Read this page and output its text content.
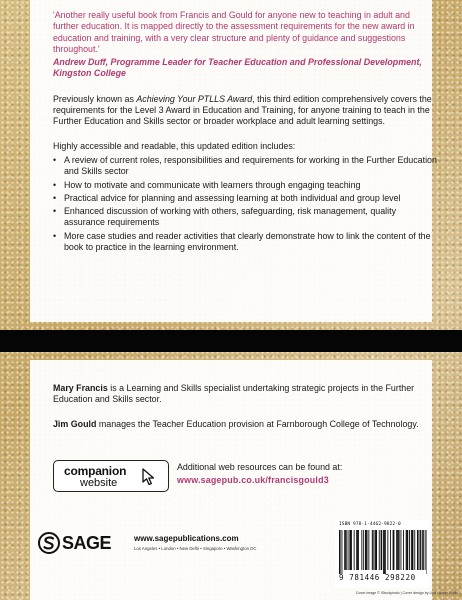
'Another really useful book from Francis and Gould for anyone new to teaching in adult and further education. It is mapped directly to the assessment requirements for the new award in education and training, with a very clear structure and plenty of guidance and suggestions throughout.'

Andrew Duff, Programme Leader for Teacher Education and Professional Development, Kingston College

Previously known as Achieving Your PTLLS Award, this third edition comprehensively covers the requirements for the Level 3 Award in Education and Training, for anyone training to teach in the Further Education and Skills sector or broader workplace and adult learning settings.

Highly accessible and readable, this updated edition includes:

• A review of current roles, responsibilities and requirements for working in the Further Education and Skills sector
• How to motivate and communicate with learners through engaging teaching
• Practical advice for planning and assessing learning at both individual and group level
• Enhanced discussion of working with others, safeguarding, risk management, quality assurance requirements
• More case studies and reader activities that clearly demonstrate how to link the content of the book to practice in the learning environment.

Mary Francis is a Learning and Skills specialist undertaking strategic projects in the Further Education and Skills sector.

Jim Gould manages the Teacher Education provision at Farnborough College of Technology.

companion
website
Additional web resources can be found at:
www.sagepub.co.uk/francisgould3
SAGE	www.sagepublications.com
Los Angeles • London • New Delhi • Singapore • Washington DC
ISBN 978-1-4462-9822-0
9 781446 298220
Cover image © iStockphoto | Cover design by Lisa Harper-Wells
